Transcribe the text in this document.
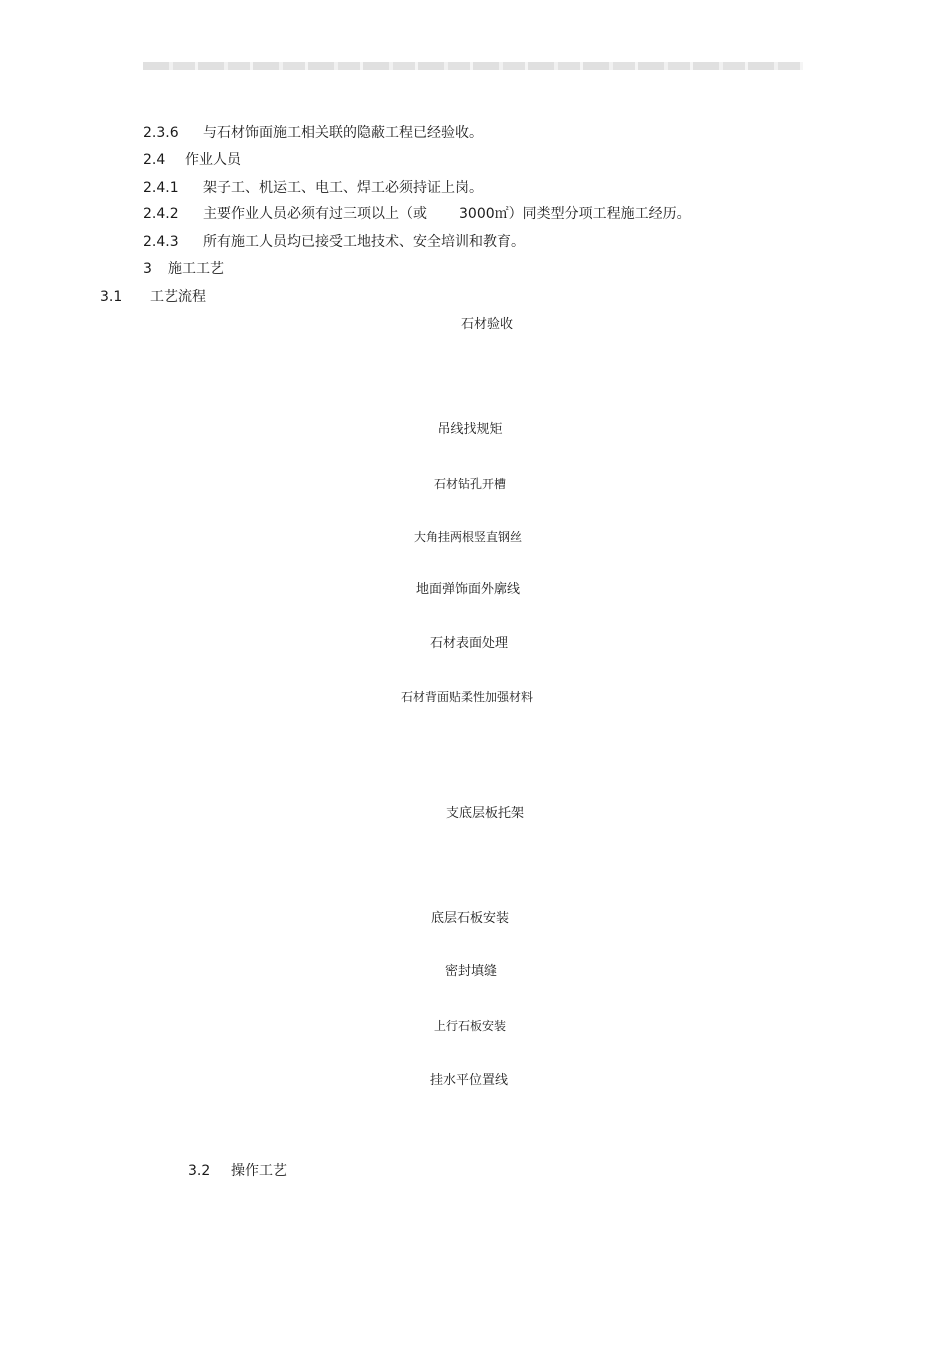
2.3.6 与石材饰面施工相关联的隐蔽工程已经验收。
2.4 作业人员
2.4.1 架子工、机运工、电工、焊工必须持证上岗。
2.4.2 主要作业人员必须有过三项以上（或 3000㎡）同类型分项工程施工经历。
2.4.3 所有施工人员均已接受工地技术、安全培训和教育。
3 施工工艺
3.1 工艺流程
石材验收
吊线找规矩
石材钻孔开槽
大角挂两根竖直钢丝
地面弹饰面外廓线
石材表面处理
石材背面贴柔性加强材料
支底层板托架
底层石板安装
密封填缝
上行石板安装
挂水平位置线
3.2 操作工艺
